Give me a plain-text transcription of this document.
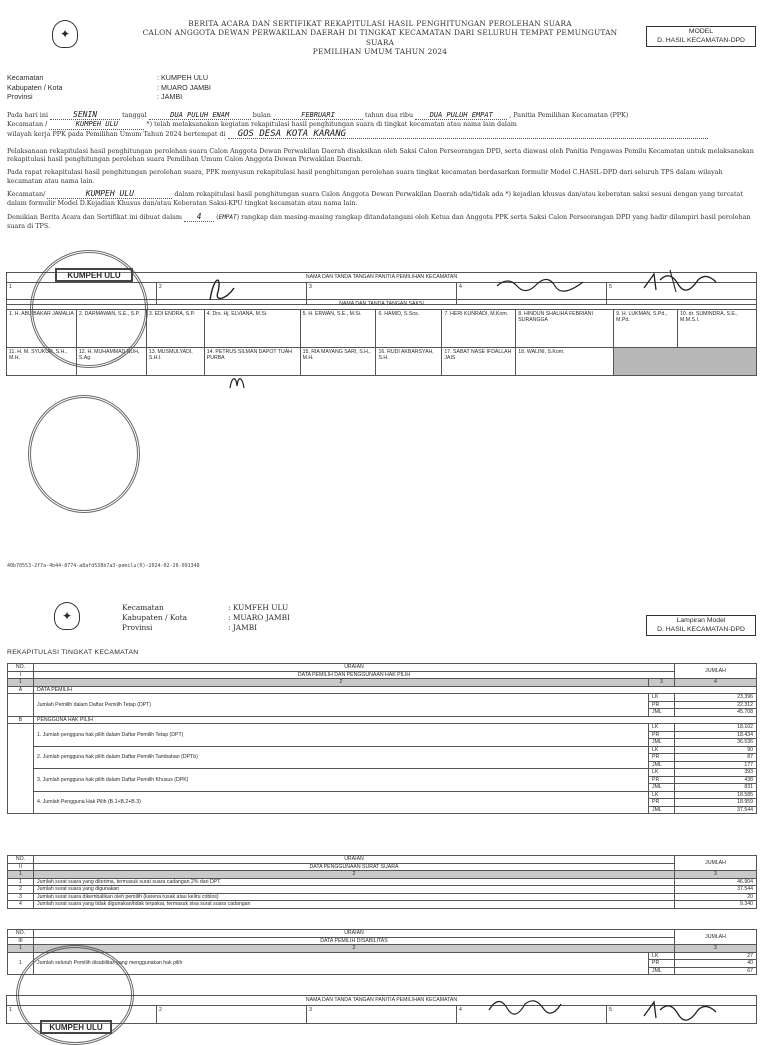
✦
BERITA ACARA DAN SERTIFIKAT REKAPITULASI HASIL PENGHITUNGAN PEROLEHAN SUARA
CALON ANGGOTA DEWAN PERWAKILAN DAERAH DI TINGKAT KECAMATAN DARI SELURUH TEMPAT PEMUNGUTAN SUARA
PEMILIHAN UMUM TAHUN 2024
MODEL
D. HASIL KECAMATAN-DPD
Kecamatan	: KUMPEH ULU
Kabupaten / Kota	: MUARO JAMBI
Provinsi	: JAMBI
Pada hari ini	SENIN	tanggal	DUA PULUH ENAM	bulan	FEBRUARI	tahun dua ribu DUA PULUH EMPAT	, Panitia Pemilihan Kecamatan (PPK)
Kecamatan /	KUMPEH ULU	*) telah melaksanakan kegiatan rekapitulasi hasil penghitungan suara di tingkat kecamatan atau nama lain dalam
wilayah kerja PPK pada Pemilihan Umum Tahun 2024 bertempat di GOS DESA KOTA KARANG
Pelaksanaan rekapitulasi hasil penghitungan perolehan suara Calon Anggota Dewan Perwakilan Daerah disaksikan oleh Saksi Calon Perseorangan DPD, serta diawasi oleh Panitia Pengawas Pemilu Kecamatan untuk melaksanakan rekapitulasi hasil penghitungan perolehan suara Pemilihan Umum Calon Anggota Dewan Perwakilan Daerah.
Pada rapat rekapitulasi hasil penghitungan perolehan suara, PPK menyusun rekapitulasi hasil penghitungan perolehan suara tingkat kecamatan berdasarkan formulir Model C.HASIL-DPD dari seluruh TPS dalam wilayah kecamatan atau nama lain.
Kecamatan/	KUMPEH ULU	dalam rekapitulasi hasil penghitungan suara Calon Anggota Dewan Perwakilan Daerah ada/tidak ada *) kejadian khusus dan/atau keberatan saksi sesuai dengan yang tercatat dalam formulir Model D.Kejadian Khusus dan/atau Keberatan Saksi-KPU tingkat kecamatan atau nama lain.
Demikian Berita Acara dan Sertifikat ini dibuat dalam 4 (EMPAT) rangkap dan masing-masing rangkap ditandatangani oleh Ketua dan Anggota PPK serta Saksi Calon Perseorangan DPD yang hadir dilampiri hasil perolehan suara di TPS.
NAMA DAN TANDA TANGAN PANITIA PEMILIHAN KECAMATAN
1	2	3	4	5
NAMA DAN TANDA TANGAN SAKSI									
1. H. ABU BAKAR JAMALIA	2. DARMAWAN, S.E., S.P.	3. EDI ENDRA, S.P.	4. Drs. Hj. ELVIANA, M.Si.	5. H. ERWAN, S.E., M.Si.	6. HAMID, S.Sos.	7. HERI KUNRADI, M.Kom.	8. HINDUN SHALIHA FEBRIANI SURANGGA	9. H. LUKMAN, S.Pd., M.Pd.	10. dr. SUMINDRA, S.E., M.M.S.I.
11. H. M. SYUKUR, S.H., M.H.	12. H. MUHAMMAD NUH, S.Ag.	13. MUSMULYADI, S.H.I.	14. PETRUS SILMAN DAPOT TUAH PURBA	15. RIA MAYANG SARI, S.H., M.H.	16. RUDI AKBARSYAH, S.H.	17. SABAT NASE IFDALLAH JAIS	18. WALINI, S.Kom.		
KUMPEH ULU
40b70553-2f7a-4b44-8774-a8afd538b7a3-pemilu(0)-2024-02-26-091348
✦
Kecamatan	: KUMFEH ULU
Kabupaten / Kota	: MUARO JAMBI
Provinsi	: JAMBI
Lampiran Model
D. HASIL KECAMATAN-DPD
REKAPITULASI TINGKAT KECAMATAN
NO.	URAIAN		JUMLAH
I	DATA PEMILIH DAN PENGGUNAAN HAK PILIH		
1	2	3	4
A	DATA PEMILIH		
	Jumlah Pemilih dalam Daftar Pemilih Tetap (DPT)	LK	23.396
		PR	22.312
		JML	45.708
B	PENGGUNA HAK PILIH		
	1. Jumlah pengguna hak pilih dalam Daftar Pemilih Tetap (DPT)	LK	18.102
		PR	18.434
		JML	36.536
	2. Jumlah pengguna hak pilih dalam Daftar Pemilih Tambahan (DPTb)	LK	90
		PR	87
		JML	177
	3. Jumlah pengguna hak pilih dalam Daftar Pemilih Khusus (DPK)	LK	393
		PR	438
		JML	831
	4. Jumlah Pengguna Hak Pilih (B.1+B.2+B.3)	LK	18.585
		PR	18.959
		JML	37.544
NO.	URAIAN	JUMLAH
II	DATA PENGGUNAAN SURAT SUARA	
1	2	3
1	Jumlah surat suara yang diterima, termasuk surat suara cadangan 2% dari DPT	46.904
2	Jumlah surat suara yang digunakan	37.544
3	Jumlah surat suara dikembalikan oleh pemilih (karena rusak atau keliru coblos)	20
4	Jumlah surat suara yang tidak digunakan/tidak terpakai, termasuk sisa surat suara cadangan	9.340
NO.	URAIAN		JUMLAH
III	DATA PEMILIH DISABILITAS		
1	2		3
1	Jumlah seluruh Pemilih disabilitas yang menggunakan hak pilih	LK	27
		PR	40
		JML	67
NAMA DAN TANDA TANGAN PANITIA PEMILIHAN KECAMATAN
1	2	3	4	5
KUMPEH ULU
